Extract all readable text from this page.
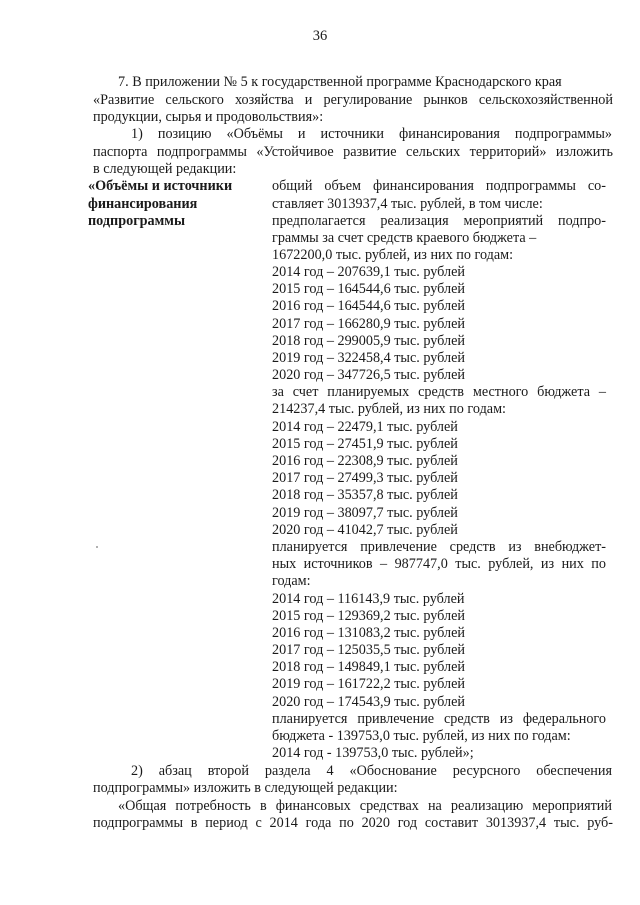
36
7. В приложении № 5 к государственной программе Краснодарского края
«Развитие сельского хозяйства и регулирование рынков сельскохозяйственной
продукции, сырья и продовольствия»:
1) позицию «Объёмы и источники финансирования подпрограммы»
паспорта подпрограммы «Устойчивое развитие сельских территорий» изложить
в следующей редакции:
«Объёмы и источники
финансирования
подпрограммы
общий объем финансирования подпрограммы со-
ставляет 3013937,4 тыс. рублей, в том числе:
предполагается реализация мероприятий подпро-
граммы за счет средств краевого бюджета –
1672200,0 тыс. рублей, из них по годам:
2014 год – 207639,1 тыс. рублей
2015 год – 164544,6 тыс. рублей
2016 год – 164544,6 тыс. рублей
2017 год – 166280,9 тыс. рублей
2018 год – 299005,9 тыс. рублей
2019 год – 322458,4 тыс. рублей
2020 год – 347726,5 тыс. рублей
за счет планируемых средств местного бюджета –
214237,4 тыс. рублей, из них по годам:
2014 год – 22479,1 тыс. рублей
2015 год – 27451,9 тыс. рублей
2016 год – 22308,9 тыс. рублей
2017 год – 27499,3 тыс. рублей
2018 год – 35357,8 тыс. рублей
2019 год – 38097,7 тыс. рублей
2020 год – 41042,7 тыс. рублей
планируется привлечение средств из внебюджет-
ных источников – 987747,0 тыс. рублей, из них по
годам:
2014 год – 116143,9 тыс. рублей
2015 год – 129369,2 тыс. рублей
2016 год – 131083,2 тыс. рублей
2017 год – 125035,5 тыс. рублей
2018 год – 149849,1 тыс. рублей
2019 год – 161722,2 тыс. рублей
2020 год – 174543,9 тыс. рублей
планируется привлечение средств из федерального
бюджета - 139753,0 тыс. рублей, из них по годам:
2014 год - 139753,0 тыс. рублей»;
2) абзац второй раздела 4 «Обоснование ресурсного обеспечения
подпрограммы» изложить в следующей редакции:
«Общая потребность в финансовых средствах на реализацию мероприятий
подпрограммы в период с 2014 года по 2020 год составит 3013937,4 тыс. руб-
